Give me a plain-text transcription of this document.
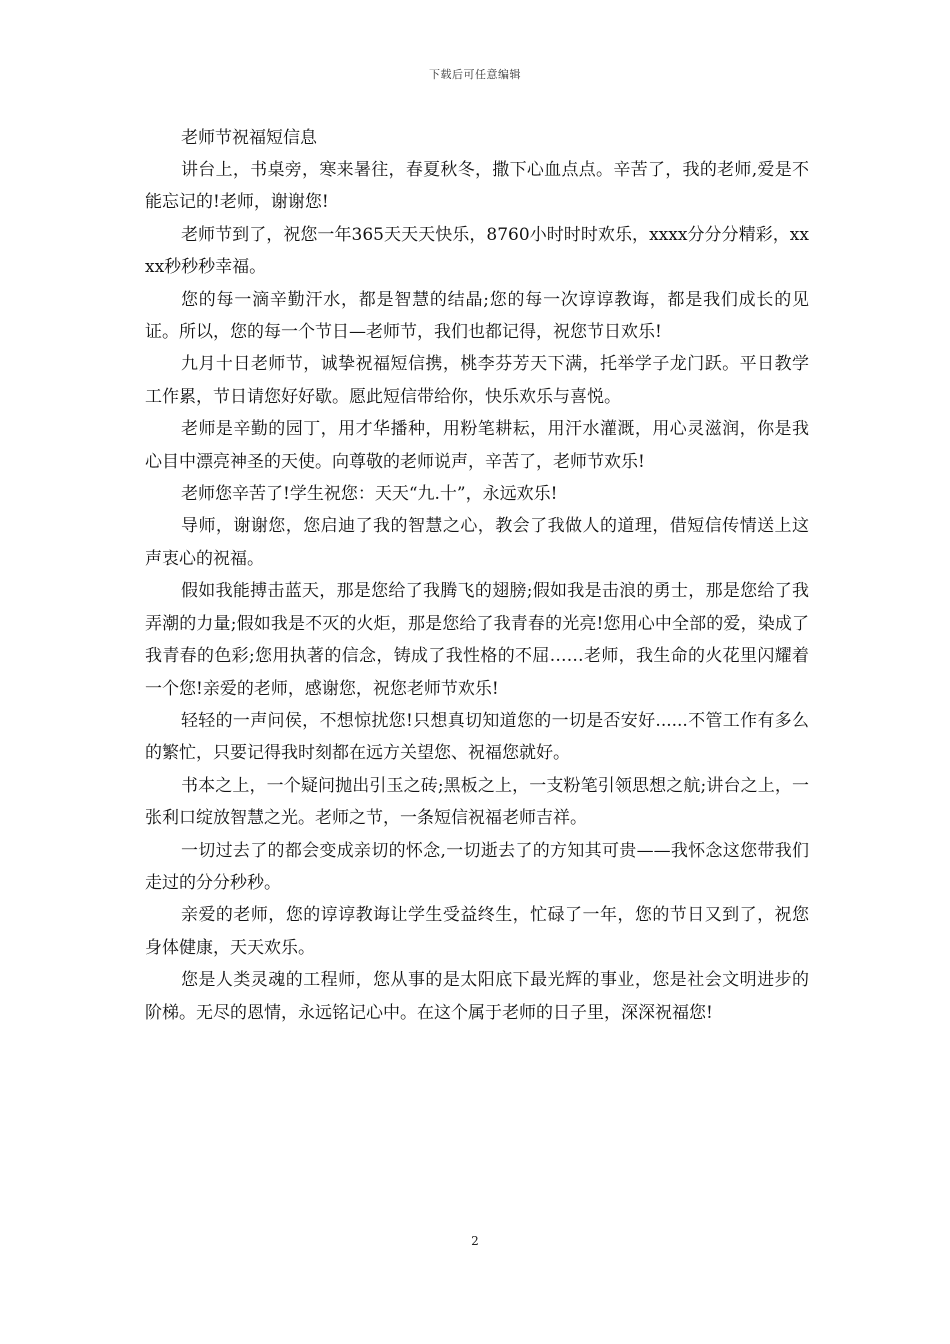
下载后可任意编辑

老师节祝福短信息

讲台上，书桌旁，寒来暑往，春夏秋冬，撒下心血点点。辛苦了，我的老师,爱是不能忘记的!老师，谢谢您!

老师节到了，祝您一年365天天天快乐，8760小时时时欢乐，xxxx分分分精彩，xxxx秒秒秒幸福。

您的每一滴辛勤汗水，都是智慧的结晶;您的每一次谆谆教诲，都是我们成长的见证。所以，您的每一个节日—老师节，我们也都记得，祝您节日欢乐!

九月十日老师节，诚挚祝福短信携，桃李芬芳天下满，托举学子龙门跃。平日教学工作累，节日请您好好歇。愿此短信带给你，快乐欢乐与喜悦。

老师是辛勤的园丁，用才华播种，用粉笔耕耘，用汗水灌溉，用心灵滋润，你是我心目中漂亮神圣的天使。向尊敬的老师说声，辛苦了，老师节欢乐!

老师您辛苦了!学生祝您：天天“九.十”，永远欢乐!

导师，谢谢您，您启迪了我的智慧之心，教会了我做人的道理，借短信传情送上这声衷心的祝福。

假如我能搏击蓝天，那是您给了我腾飞的翅膀;假如我是击浪的勇士，那是您给了我弄潮的力量;假如我是不灭的火炬，那是您给了我青春的光亮!您用心中全部的爱，染成了我青春的色彩;您用执著的信念，铸成了我性格的不屈……老师，我生命的火花里闪耀着一个您!亲爱的老师，感谢您，祝您老师节欢乐!

轻轻的一声问侯，不想惊扰您!只想真切知道您的一切是否安好......不管工作有多么的繁忙，只要记得我时刻都在远方关望您、祝福您就好。

书本之上，一个疑问抛出引玉之砖;黑板之上，一支粉笔引领思想之航;讲台之上，一张利口绽放智慧之光。老师之节，一条短信祝福老师吉祥。

一切过去了的都会变成亲切的怀念,一切逝去了的方知其可贵——我怀念这您带我们走过的分分秒秒。

亲爱的老师，您的谆谆教诲让学生受益终生，忙碌了一年，您的节日又到了，祝您身体健康，天天欢乐。

您是人类灵魂的工程师，您从事的是太阳底下最光辉的事业，您是社会文明进步的阶梯。无尽的恩情，永远铭记心中。在这个属于老师的日子里，深深祝福您!

2
